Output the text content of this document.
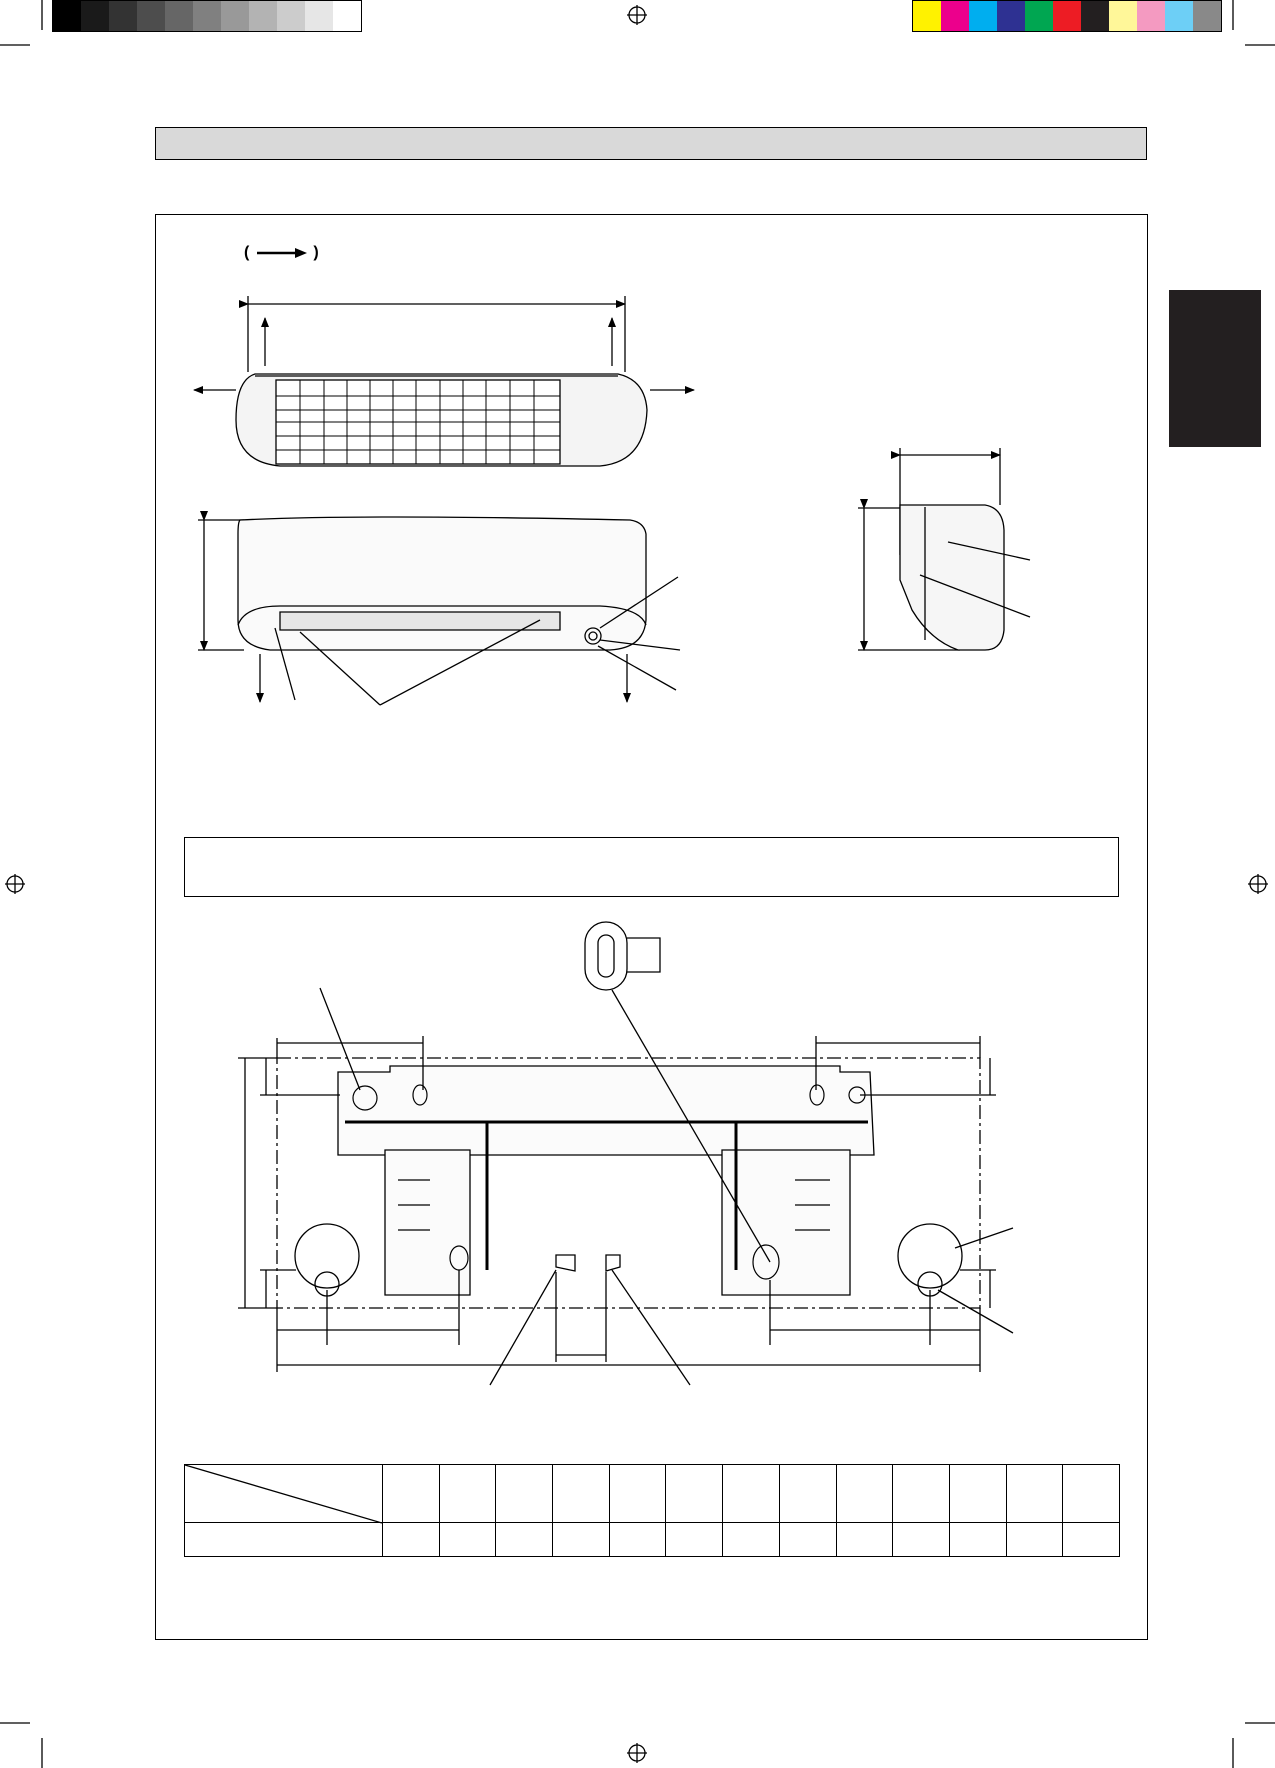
(	)
